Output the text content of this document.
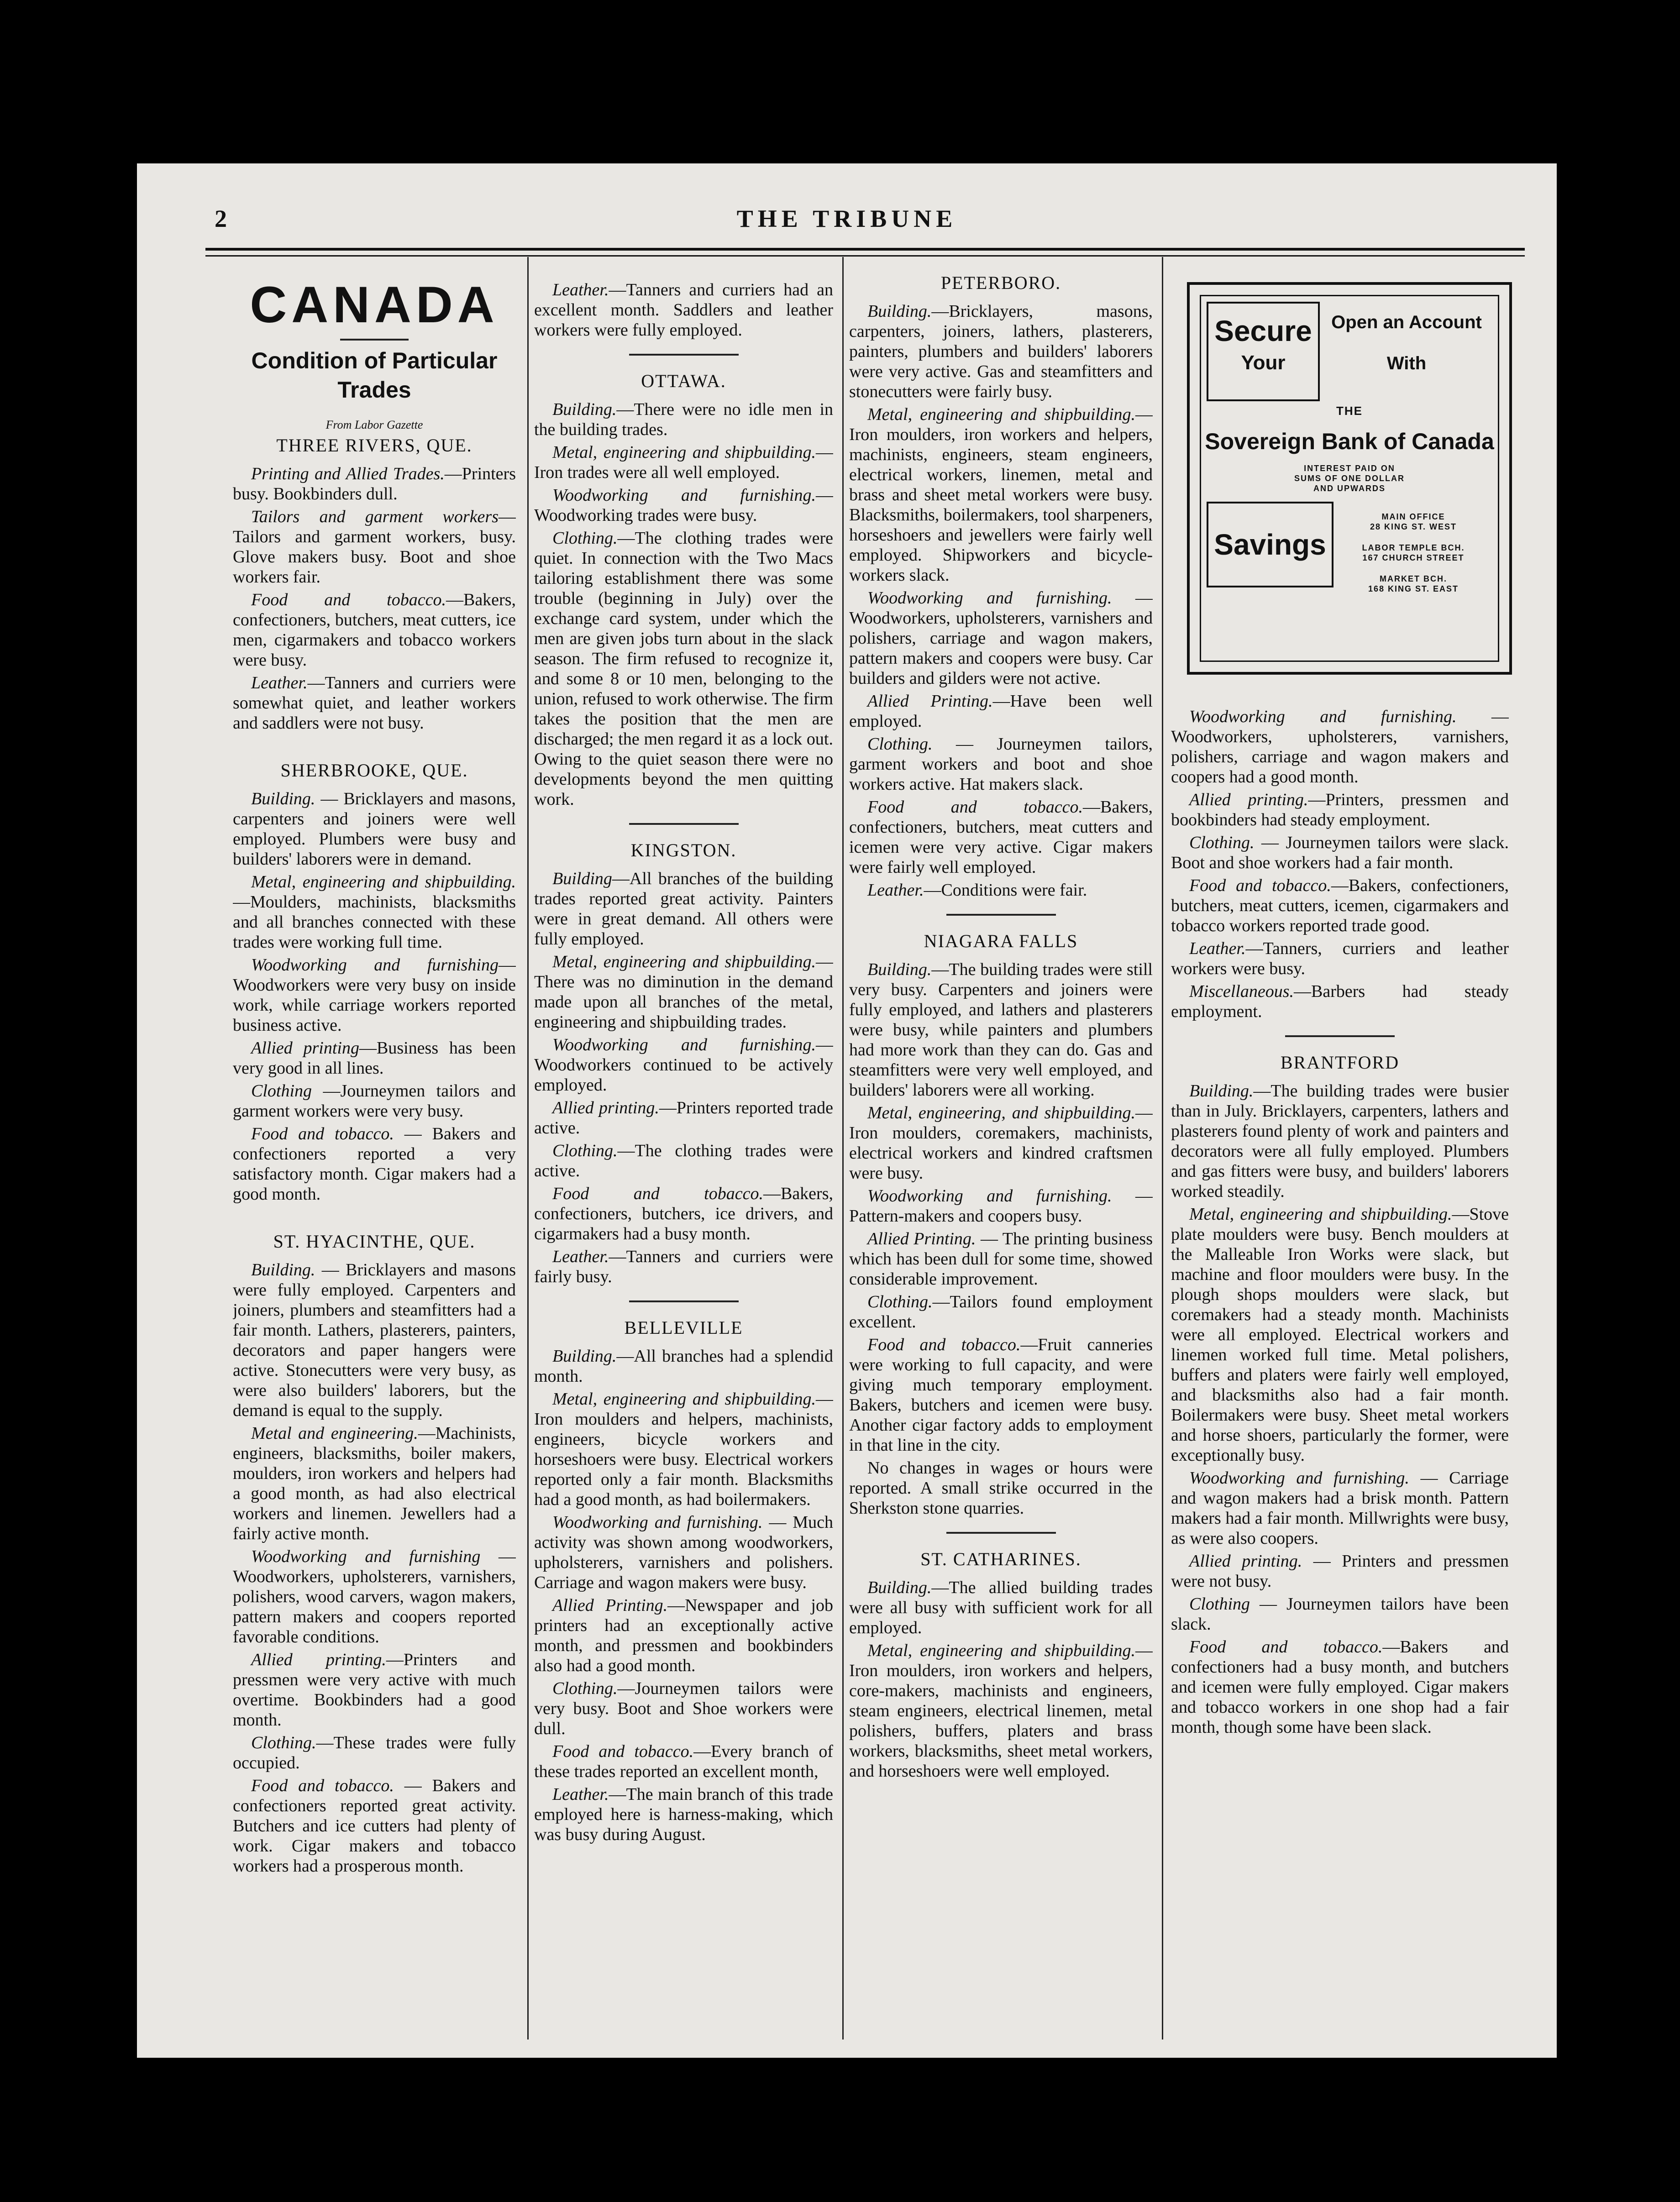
2	THE TRIBUNE
CANADA
Condition of Particular Trades
From Labor Gazette
THREE RIVERS, QUE.

Printing and Allied Trades.—Printers busy. Bookbinders dull.

Tailors and garment workers—Tailors and garment workers, busy. Glove makers busy. Boot and shoe workers fair.

Food and tobacco.—Bakers, confectioners, butchers, meat cutters, ice men, cigarmakers and tobacco workers were busy.

Leather.—Tanners and curriers were somewhat quiet, and leather workers and saddlers were not busy.

SHERBROOKE, QUE.

Building. — Bricklayers and masons, carpenters and joiners were well employed. Plumbers were busy and builders' laborers were in demand.

Metal, engineering and shipbuilding.—Moulders, machinists, blacksmiths and all branches connected with these trades were working full time.

Woodworking and furnishing—Woodworkers were very busy on inside work, while carriage workers reported business active.

Allied printing—Business has been very good in all lines.

Clothing —Journeymen tailors and garment workers were very busy.

Food and tobacco. — Bakers and confectioners reported a very satisfactory month. Cigar makers had a good month.

ST. HYACINTHE, QUE.

Building. — Bricklayers and masons were fully employed. Carpenters and joiners, plumbers and steamfitters had a fair month. Lathers, plasterers, painters, decorators and paper hangers were active. Stonecutters were very busy, as were also builders' laborers, but the demand is equal to the supply.

Metal and engineering.—Machinists, engineers, blacksmiths, boiler makers, moulders, iron workers and helpers had a good month, as had also electrical workers and linemen. Jewellers had a fairly active month.

Woodworking and furnishing — Woodworkers, upholsterers, varnishers, polishers, wood carvers, wagon makers, pattern makers and coopers reported favorable conditions.

Allied printing.—Printers and pressmen were very active with much overtime. Bookbinders had a good month.

Clothing.—These trades were fully occupied.

Food and tobacco. — Bakers and confectioners reported great activity. Butchers and ice cutters had plenty of work. Cigar makers and tobacco workers had a prosperous month.

Leather.—Tanners and curriers had an excellent month. Saddlers and leather workers were fully employed.

OTTAWA.

Building.—There were no idle men in the building trades.

Metal, engineering and shipbuilding.—Iron trades were all well employed.

Woodworking and furnishing.—Woodworking trades were busy.

Clothing.—The clothing trades were quiet. In connection with the Two Macs tailoring establishment there was some trouble (beginning in July) over the exchange card system, under which the men are given jobs turn about in the slack season. The firm refused to recognize it, and some 8 or 10 men, belonging to the union, refused to work otherwise. The firm takes the position that the men are discharged; the men regard it as a lock out. Owing to the quiet season there were no developments beyond the men quitting work.

KINGSTON.

Building—All branches of the building trades reported great activity. Painters were in great demand. All others were fully employed.

Metal, engineering and shipbuilding.—There was no diminution in the demand made upon all branches of the metal, engineering and shipbuilding trades.

Woodworking and furnishing.—Woodworkers continued to be actively employed.

Allied printing.—Printers reported trade active.

Clothing.—The clothing trades were active.

Food and tobacco.—Bakers, confectioners, butchers, ice drivers, and cigarmakers had a busy month.

Leather.—Tanners and curriers were fairly busy.

BELLEVILLE

Building.—All branches had a splendid month.

Metal, engineering and shipbuilding.—Iron moulders and helpers, machinists, engineers, bicycle workers and horseshoers were busy. Electrical workers reported only a fair month. Blacksmiths had a good month, as had boilermakers.

Woodworking and furnishing. — Much activity was shown among woodworkers, upholsterers, varnishers and polishers. Carriage and wagon makers were busy.

Allied Printing.—Newspaper and job printers had an exceptionally active month, and pressmen and bookbinders also had a good month.

Clothing.—Journeymen tailors were very busy. Boot and Shoe workers were dull.

Food and tobacco.—Every branch of these trades reported an excellent month,

Leather.—The main branch of this trade employed here is harness-making, which was busy during August.

PETERBORO.

Building.—Bricklayers, masons, carpenters, joiners, lathers, plasterers, painters, plumbers and builders' laborers were very active. Gas and steamfitters and stonecutters were fairly busy.

Metal, engineering and shipbuilding.—Iron moulders, iron workers and helpers, machinists, engineers, steam engineers, electrical workers, linemen, metal and brass and sheet metal workers were busy. Blacksmiths, boilermakers, tool sharpeners, horseshoers and jewellers were fairly well employed. Shipworkers and bicycle-workers slack.

Woodworking and furnishing. — Woodworkers, upholsterers, varnishers and polishers, carriage and wagon makers, pattern makers and coopers were busy. Car builders and gilders were not active.

Allied Printing.—Have been well employed.

Clothing. — Journeymen tailors, garment workers and boot and shoe workers active. Hat makers slack.

Food and tobacco.—Bakers, confectioners, butchers, meat cutters and icemen were very active. Cigar makers were fairly well employed.

Leather.—Conditions were fair.

NIAGARA FALLS

Building.—The building trades were still very busy. Carpenters and joiners were fully employed, and lathers and plasterers were busy, while painters and plumbers had more work than they can do. Gas and steamfitters were very well employed, and builders' laborers were all working.

Metal, engineering, and shipbuilding.—Iron moulders, coremakers, machinists, electrical workers and kindred craftsmen were busy.

Woodworking and furnishing. — Pattern-makers and coopers busy.

Allied Printing. — The printing business which has been dull for some time, showed considerable improvement.

Clothing.—Tailors found employment excellent.

Food and tobacco.—Fruit canneries were working to full capacity, and were giving much temporary employment. Bakers, butchers and icemen were busy. Another cigar factory adds to employment in that line in the city.

No changes in wages or hours were reported. A small strike occurred in the Sherkston stone quarries.

ST. CATHARINES.

Building.—The allied building trades were all busy with sufficient work for all employed.

Metal, engineering and shipbuilding.—Iron moulders, iron workers and helpers, core-makers, machinists and engineers, steam engineers, electrical linemen, metal polishers, buffers, platers and brass workers, blacksmiths, sheet metal workers, and horseshoers were well employed.

Secure
Your
Open an Account
With
THE
Sovereign Bank of Canada
INTEREST PAID ON
SUMS OF ONE DOLLAR
AND UPWARDS
Savings
MAIN OFFICE
28 KING ST. WEST
LABOR TEMPLE BCH.
167 CHURCH STREET
MARKET BCH.
168 KING ST. EAST

Woodworking and furnishing. — Woodworkers, upholsterers, varnishers, polishers, carriage and wagon makers and coopers had a good month.

Allied printing.—Printers, pressmen and bookbinders had steady employment.

Clothing. — Journeymen tailors were slack. Boot and shoe workers had a fair month.

Food and tobacco.—Bakers, confectioners, butchers, meat cutters, icemen, cigarmakers and tobacco workers reported trade good.

Leather.—Tanners, curriers and leather workers were busy.

Miscellaneous.—Barbers had steady employment.

BRANTFORD

Building.—The building trades were busier than in July. Bricklayers, carpenters, lathers and plasterers found plenty of work and painters and decorators were all fully employed. Plumbers and gas fitters were busy, and builders' laborers worked steadily.

Metal, engineering and shipbuilding.—Stove plate moulders were busy. Bench moulders at the Malleable Iron Works were slack, but machine and floor moulders were busy. In the plough shops moulders were slack, but coremakers had a steady month. Machinists were all employed. Electrical workers and linemen worked full time. Metal polishers, buffers and platers were fairly well employed, and blacksmiths also had a fair month. Boilermakers were busy. Sheet metal workers and horse shoers, particularly the former, were exceptionally busy.

Woodworking and furnishing. — Carriage and wagon makers had a brisk month. Pattern makers had a fair month. Millwrights were busy, as were also coopers.

Allied printing. — Printers and pressmen were not busy.

Clothing — Journeymen tailors have been slack.

Food and tobacco.—Bakers and confectioners had a busy month, and butchers and icemen were fully employed. Cigar makers and tobacco workers in one shop had a fair month, though some have been slack.
